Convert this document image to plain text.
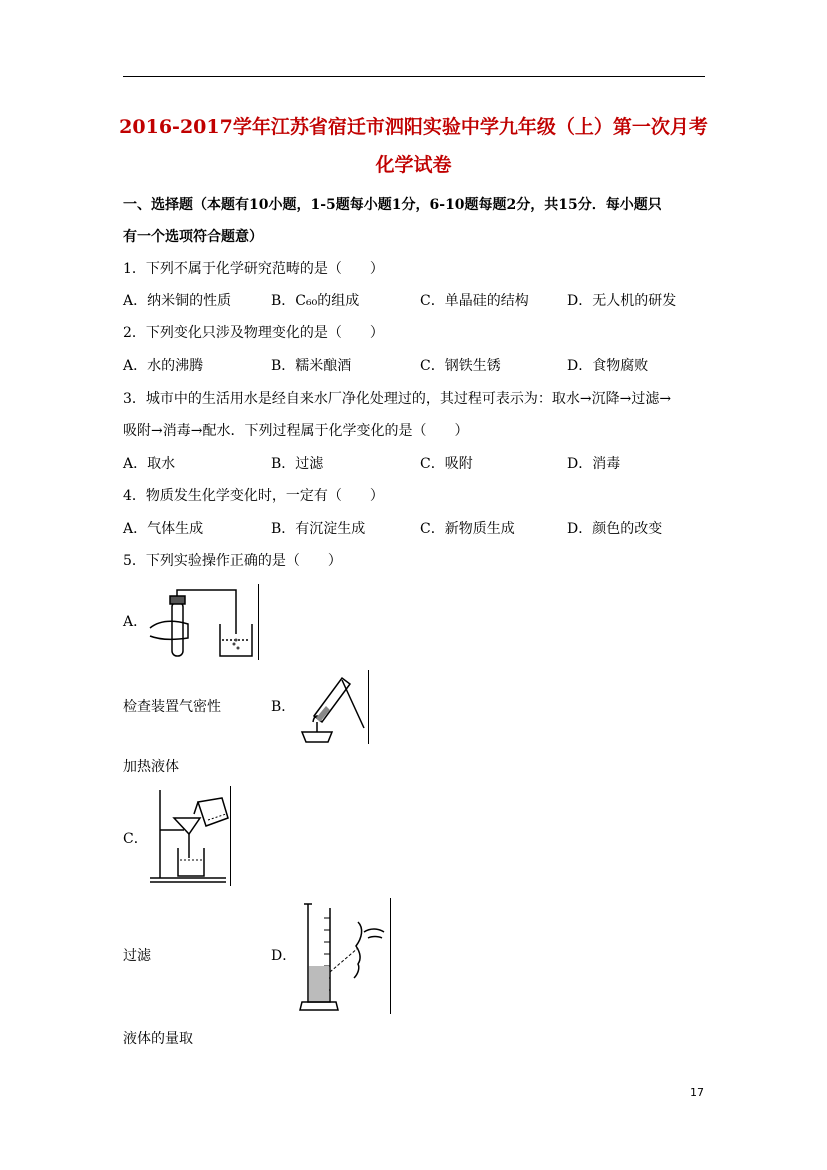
2016-2017学年江苏省宿迁市泗阳实验中学九年级（上）第一次月考
化学试卷
一、选择题（本题有10小题，1-5题每小题1分，6-10题每题2分，共15分．每小题只
有一个选项符合题意）
1．下列不属于化学研究范畴的是（　　）
A．纳米铜的性质	B．C₆₀的组成	C．单晶硅的结构	D．无人机的研发
2．下列变化只涉及物理变化的是（　　）
A．水的沸腾	B．糯米酿酒	C．钢铁生锈	D．食物腐败
3．城市中的生活用水是经自来水厂净化处理过的，其过程可表示为：取水→沉降→过滤→
吸附→消毒→配水．下列过程属于化学变化的是（　　）
A．取水	B．过滤	C．吸附	D．消毒
4．物质发生化学变化时，一定有（　　）
A．气体生成	B．有沉淀生成	C．新物质生成	D．颜色的改变
5．下列实验操作正确的是（　　）
A．
检查装置气密性	B．
加热液体
C．
过滤	D．
液体的量取
17
